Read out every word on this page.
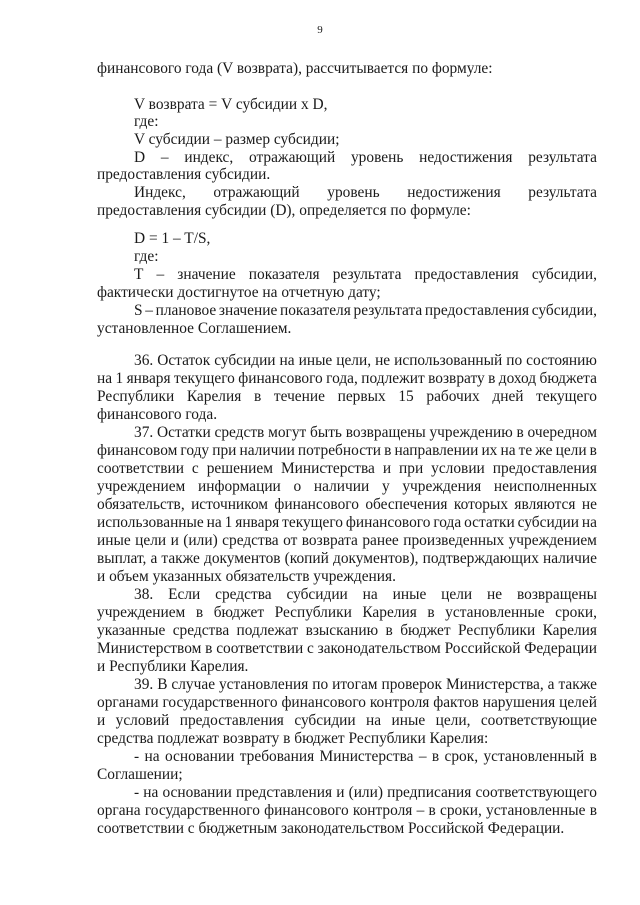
9
финансового года (V возврата), рассчитывается по формуле:
V возврата = V субсидии x D,
где:
V субсидии – размер субсидии;
D – индекс, отражающий уровень недостижения результата
предоставления субсидии.
Индекс, отражающий уровень недостижения результата
предоставления субсидии (D), определяется по формуле:
D = 1 – T/S,
где:
T – значение показателя результата предоставления субсидии,
фактически достигнутое на отчетную дату;
S – плановое значение показателя результата предоставления субсидии,
установленное Соглашением.
36. Остаток субсидии на иные цели, не использованный по состоянию
на 1 января текущего финансового года, подлежит возврату в доход бюджета
Республики Карелия в течение первых 15 рабочих дней текущего
финансового года.
37. Остатки средств могут быть возвращены учреждению в очередном
финансовом году при наличии потребности в направлении их на те же цели в
соответствии с решением Министерства и при условии предоставления
учреждением информации о наличии у учреждения неисполненных
обязательств, источником финансового обеспечения которых являются не
использованные на 1 января текущего финансового года остатки субсидии на
иные цели и (или) средства от возврата ранее произведенных учреждением
выплат, а также документов (копий документов), подтверждающих наличие
и объем указанных обязательств учреждения.
38. Если средства субсидии на иные цели не возвращены
учреждением в бюджет Республики Карелия в установленные сроки,
указанные средства подлежат взысканию в бюджет Республики Карелия
Министерством в соответствии с законодательством Российской Федерации
и Республики Карелия.
39. В случае установления по итогам проверок Министерства, а также
органами государственного финансового контроля фактов нарушения целей
и условий предоставления субсидии на иные цели, соответствующие
средства подлежат возврату в бюджет Республики Карелия:
- на основании требования Министерства – в срок, установленный в
Соглашении;
- на основании представления и (или) предписания соответствующего
органа государственного финансового контроля – в сроки, установленные в
соответствии с бюджетным законодательством Российской Федерации.
